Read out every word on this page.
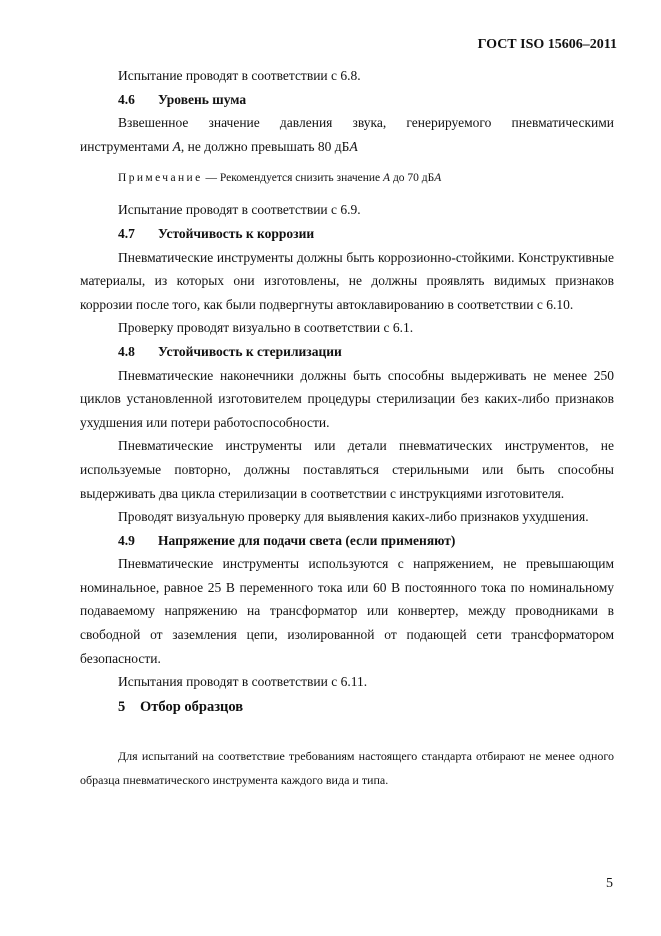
ГОСТ ISO 15606–2011

Испытание проводят в соответствии с 6.8.

4.6 Уровень шума

Взвешенное значение давления звука, генерируемого пневматическими инструментами A, не должно превышать 80 дБA

Примечание — Рекомендуется снизить значение A до 70 дБA

Испытание проводят в соответствии с 6.9.

4.7 Устойчивость к коррозии

Пневматические инструменты должны быть коррозионно-стойкими. Конструктивные материалы, из которых они изготовлены, не должны проявлять видимых признаков коррозии после того, как были подвергнуты автоклавированию в соответствии с 6.10.

Проверку проводят визуально в соответствии с 6.1.

4.8 Устойчивость к стерилизации

Пневматические наконечники должны быть способны выдерживать не менее 250 циклов установленной изготовителем процедуры стерилизации без каких-либо признаков ухудшения или потери работоспособности.

Пневматические инструменты или детали пневматических инструментов, не используемые повторно, должны поставляться стерильными или быть способны выдерживать два цикла стерилизации в соответствии с инструкциями изготовителя.

Проводят визуальную проверку для выявления каких-либо признаков ухудшения.

4.9 Напряжение для подачи света (если применяют)

Пневматические инструменты используются с напряжением, не превышающим номинальное, равное 25 В переменного тока или 60 В постоянного тока по номинальному подаваемому напряжению на трансформатор или конвертер, между проводниками в свободной от заземления цепи, изолированной от подающей сети трансформатором безопасности.

Испытания проводят в соответствии с 6.11.

5 Отбор образцов

Для испытаний на соответствие требованиям настоящего стандарта отбирают не менее одного образца пневматического инструмента каждого вида и типа.

5
